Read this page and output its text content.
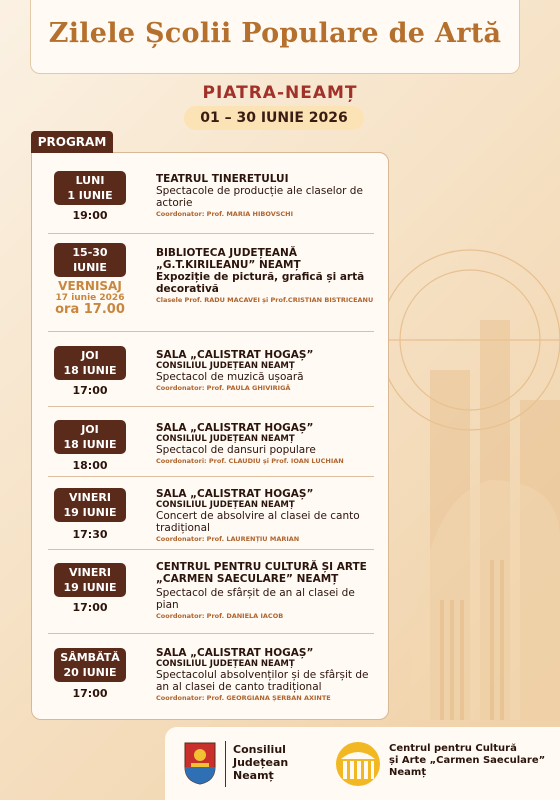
Zilele Școlii Populare de Artă
PIATRA-NEAMȚ
01 – 30 IUNIE 2026
PROGRAM
LUNI
1 IUNIE
19:00
TEATRUL TINERETULUI
Spectacole de producție ale claselor de actorie
Coordonator: Prof. MARIA HIBOVSCHI
15-30
IUNIE
VERNISAJ
17 iunie 2026
ora 17.00
BIBLIOTECA JUDEȚEANĂ „G.T.KIRILEANU” NEAMȚ
Expoziție de pictură, grafică și artă decorativă
Clasele Prof. RADU MACAVEI și Prof.CRISTIAN BISTRICEANU
JOI
18 IUNIE
17:00
SALA „CALISTRAT HOGAȘ”
CONSILIUL JUDEȚEAN NEAMȚ
Spectacol de muzică ușoară
Coordonator: Prof. PAULA GHIVIRIGĂ
JOI
18 IUNIE
18:00
SALA „CALISTRAT HOGAȘ”
CONSILIUL JUDEȚEAN NEAMȚ
Spectacol de dansuri populare
Coordonatori: Prof. CLAUDIU și Prof. IOAN LUCHIAN
VINERI
19 IUNIE
17:30
SALA „CALISTRAT HOGAȘ”
CONSILIUL JUDEȚEAN NEAMȚ
Concert de absolvire al clasei de canto tradițional
Coordonator: Prof. LAURENȚIU MARIAN
VINERI
19 IUNIE
17:00
CENTRUL PENTRU CULTURĂ ȘI ARTE „CARMEN SAECULARE” NEAMȚ
Spectacol de sfârșit de an al clasei de pian
Coordonator: Prof. DANIELA IACOB
SÂMBĂTĂ
20 IUNIE
17:00
SALA „CALISTRAT HOGAȘ”
CONSILIUL JUDEȚEAN NEAMȚ
Spectacolul absolvenților și de sfârșit de an al clasei de canto tradițional
Coordonator: Prof. GEORGIANA ȘERBAN AXINTE
Consiliul
Județean
Neamț
Centrul pentru Cultură
și Arte „Carmen Saeculare”
Neamț
